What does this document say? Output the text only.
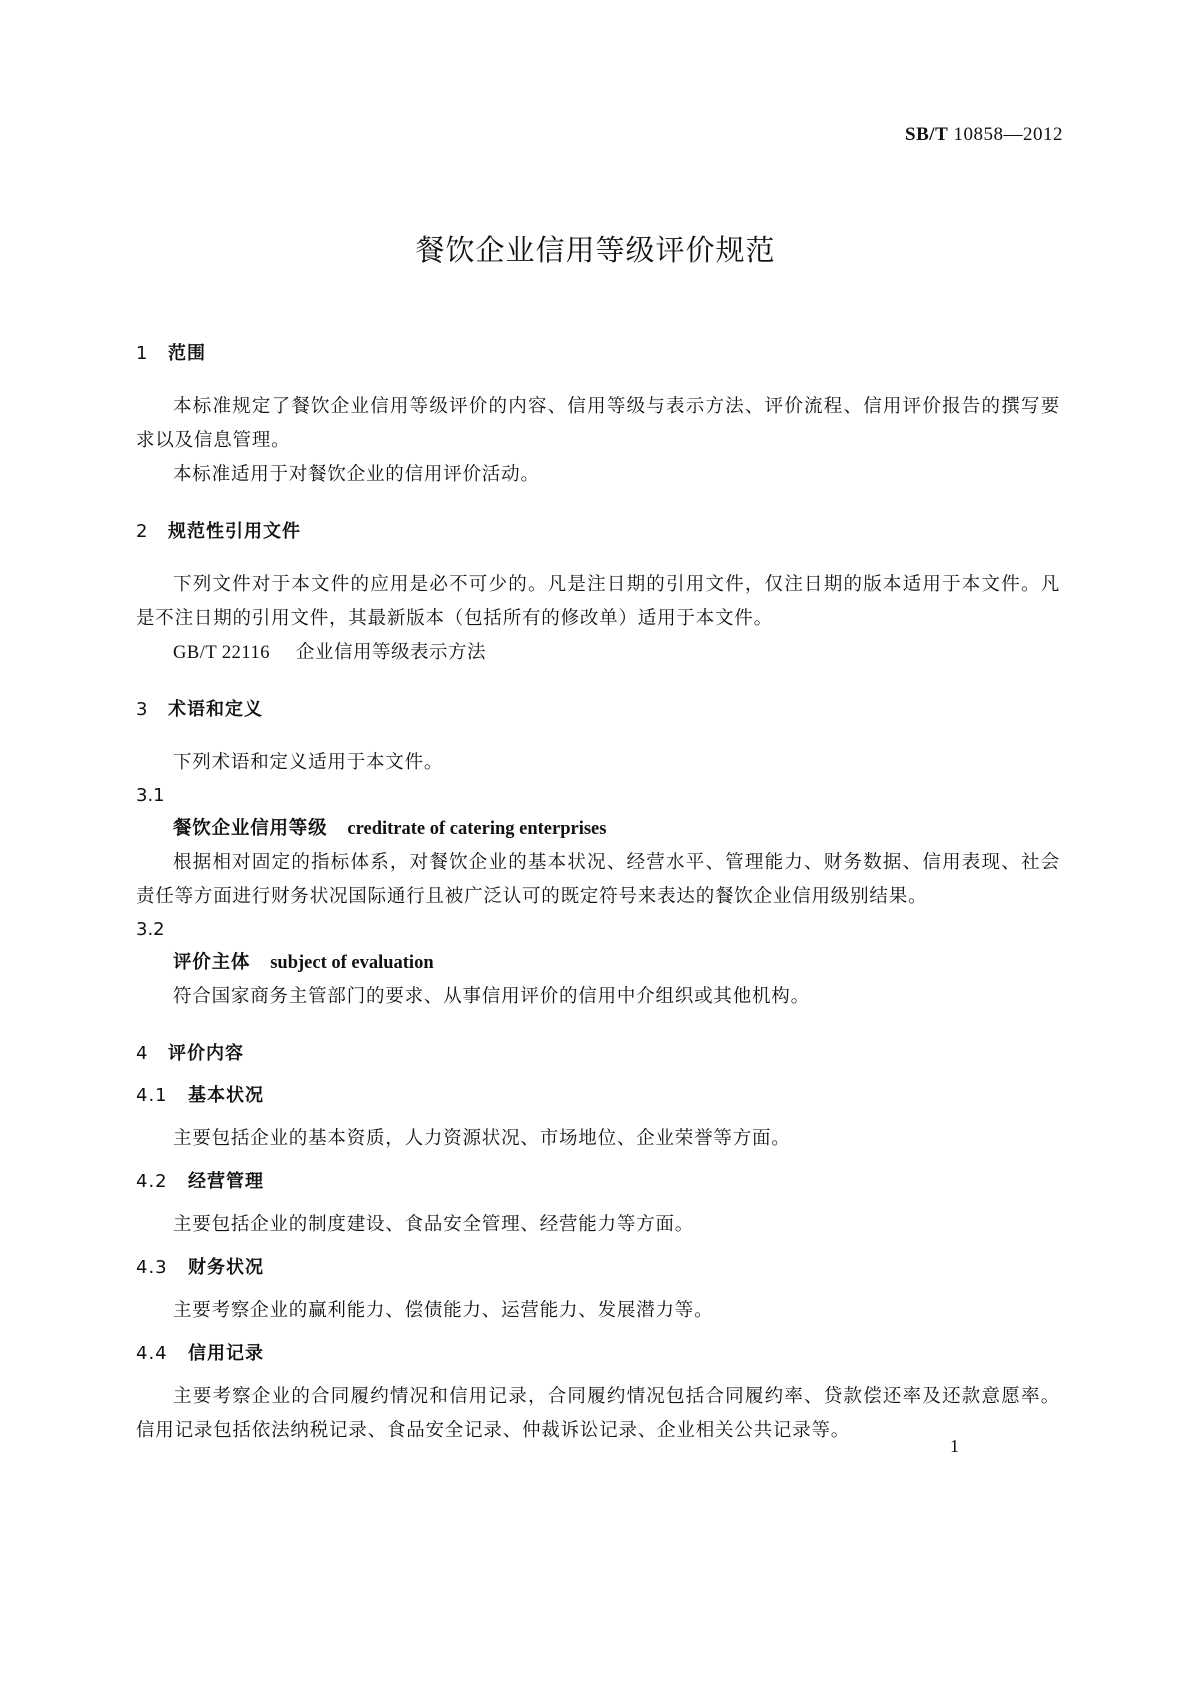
SB/T 10858—2012
餐饮企业信用等级评价规范
1 范围
本标准规定了餐饮企业信用等级评价的内容、信用等级与表示方法、评价流程、信用评价报告的撰写要求以及信息管理。
本标准适用于对餐饮企业的信用评价活动。
2 规范性引用文件
下列文件对于本文件的应用是必不可少的。凡是注日期的引用文件，仅注日期的版本适用于本文件。凡是不注日期的引用文件，其最新版本（包括所有的修改单）适用于本文件。
GB/T 22116 企业信用等级表示方法
3 术语和定义
下列术语和定义适用于本文件。
3.1
餐饮企业信用等级 creditrate of catering enterprises
根据相对固定的指标体系，对餐饮企业的基本状况、经营水平、管理能力、财务数据、信用表现、社会责任等方面进行财务状况国际通行且被广泛认可的既定符号来表达的餐饮企业信用级别结果。
3.2
评价主体 subject of evaluation
符合国家商务主管部门的要求、从事信用评价的信用中介组织或其他机构。
4 评价内容
4.1 基本状况
主要包括企业的基本资质，人力资源状况、市场地位、企业荣誉等方面。
4.2 经营管理
主要包括企业的制度建设、食品安全管理、经营能力等方面。
4.3 财务状况
主要考察企业的赢利能力、偿债能力、运营能力、发展潜力等。
4.4 信用记录
主要考察企业的合同履约情况和信用记录，合同履约情况包括合同履约率、贷款偿还率及还款意愿率。信用记录包括依法纳税记录、食品安全记录、仲裁诉讼记录、企业相关公共记录等。
1
